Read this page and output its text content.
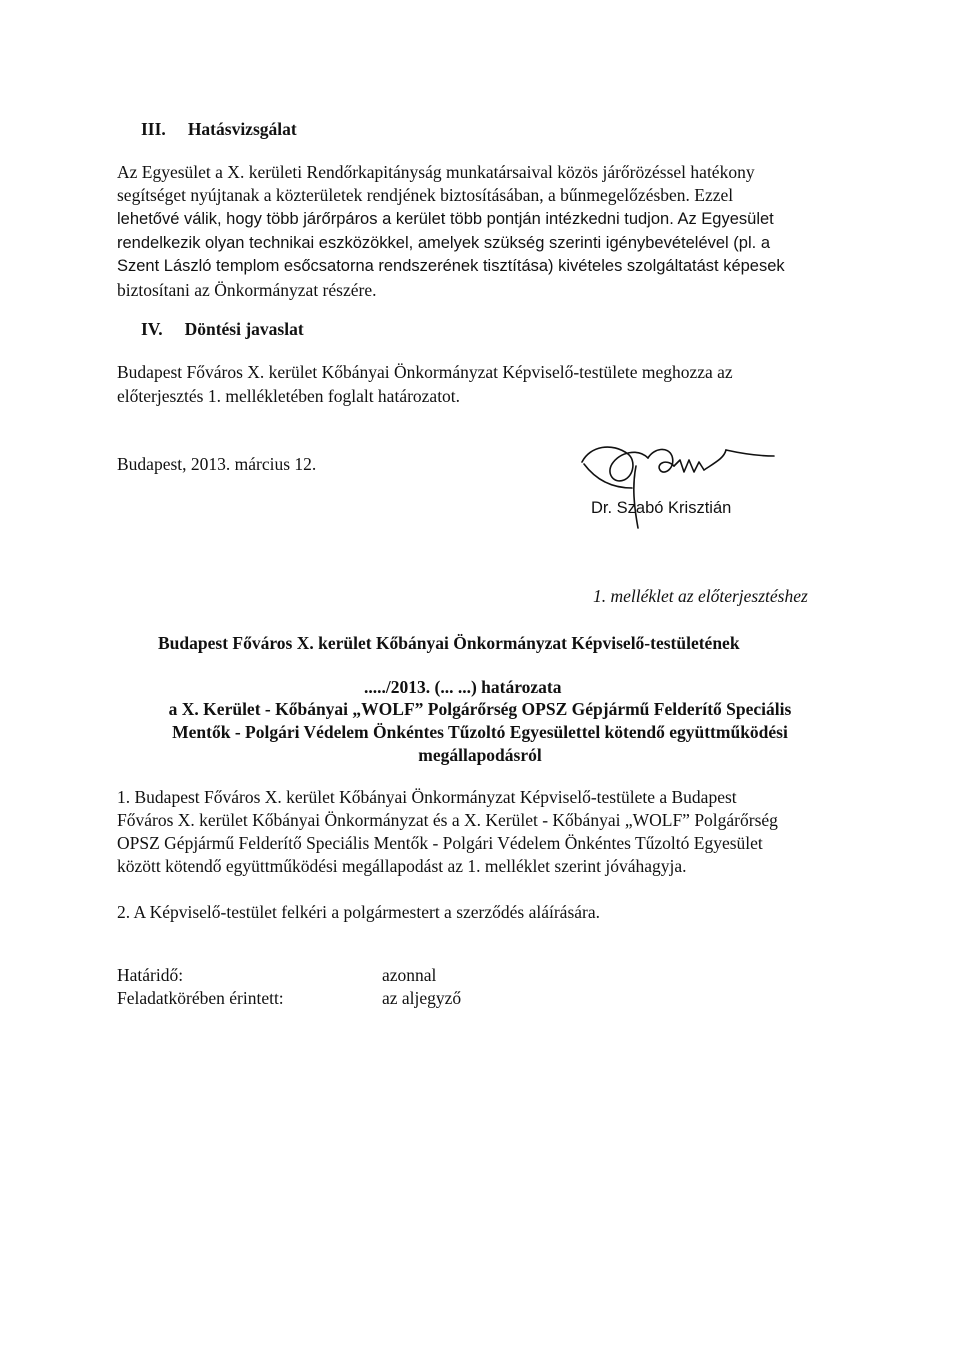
III. Hatásvizsgálat
Az Egyesület a X. kerületi Rendőrkapitányság munkatársaival közös járőrözéssel hatékony
segítséget nyújtanak a közterületek rendjének biztosításában, a bűnmegelőzésben. Ezzel
lehetővé válik, hogy több járőrpáros a kerület több pontján intézkedni tudjon. Az Egyesület
rendelkezik olyan technikai eszközökkel, amelyek szükség szerinti igénybevételével (pl. a
Szent László templom esőcsatorna rendszerének tisztítása) kivételes szolgáltatást képesek
biztosítani az Önkormányzat részére.
IV. Döntési javaslat
Budapest Főváros X. kerület Kőbányai Önkormányzat Képviselő-testülete meghozza az
előterjesztés 1. mellékletében foglalt határozatot.
Budapest, 2013. március 12.
Dr. Szabó Krisztián
1. melléklet az előterjesztéshez
Budapest Főváros X. kerület Kőbányai Önkormányzat Képviselő-testületének
...../2013. (... ...) határozata
a X. Kerület - Kőbányai „WOLF” Polgárőrség OPSZ Gépjármű Felderítő Speciális
Mentők - Polgári Védelem Önkéntes Tűzoltó Egyesülettel kötendő együttműködési
megállapodásról
1. Budapest Főváros X. kerület Kőbányai Önkormányzat Képviselő-testülete a Budapest
Főváros X. kerület Kőbányai Önkormányzat és a X. Kerület - Kőbányai „WOLF” Polgárőrség
OPSZ Gépjármű Felderítő Speciális Mentők - Polgári Védelem Önkéntes Tűzoltó Egyesület
között kötendő együttműködési megállapodást az 1. melléklet szerint jóváhagyja.
2. A Képviselő-testület felkéri a polgármestert a szerződés aláírására.
Határidő:	azonnal
Feladatkörében érintett:	az aljegyző
